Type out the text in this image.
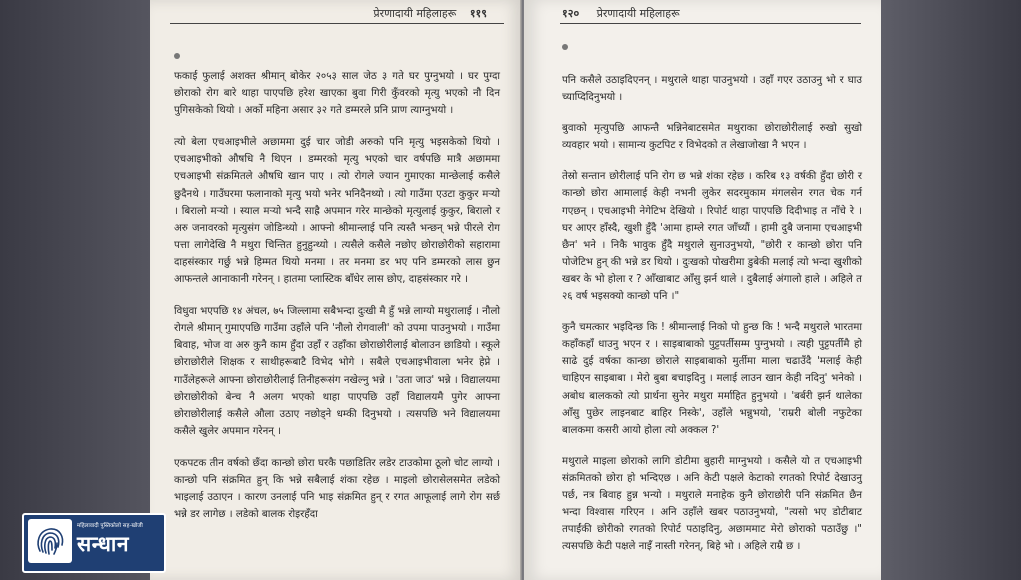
प्रेरणादायी महिलाहरू ११९

फकाई फुलाई अशक्त श्रीमान् बोकेर २०५३ साल जेठ ३ गते घर पुग्नुभयो । घर पुग्दा छोराको रोग बारे थाहा पाएपछि हरेश खाएका बुवा गिरी कुँवरको मृत्यु भएको नौ दिन पुगिसकेको थियो । अर्को महिना असार ३२ गते डम्मरले प्रनि प्राण त्याग्नुभयो ।

त्यो बेला एचआइभीले अछाममा दुई चार जोडी अरुको पनि मृत्यु भइसकेको थियो । एचआइभीको औषधि नै थिएन । डम्मरको मृत्यु भएको चार वर्षपछि मात्रै अछाममा एचआइभी संक्रमितले औषधि खान पाए । त्यो रोगले ज्यान गुमाएका मान्छेलाई कसैले छुदैनथे । गाउँघरमा फलानाको मृत्यु भयो भनेर भनिदैनथ्यो । त्यो गाउँमा एउटा कुकुर मऱ्यो । बिरालो मऱ्यो । स्याल मऱ्यो भन्दै साह्रै अपमान गरेर मान्छेको मृत्युलाई कुकुर, बिरालो र अरु जनावरको मृत्युसंग जोडिन्थ्यो । आफ्नो श्रीमान्लाई पनि त्यस्तै भन्छन् भन्ने पीरले रोग पत्ता लागेदेखि नै मथुरा चिन्तित हुनुहुन्थ्यो । त्यसैले कसैले नछोए छोराछोरीको सहारामा दाहसंस्कार गर्छु भन्ने हिम्मत थियो मनमा । तर मनमा डर भए पनि डम्मरको लास छुन आफन्तले आनाकानी गरेनन् । हातमा प्लास्टिक बाँधेर लास छोए, दाहसंस्कार गरे ।

विधुवा भएपछि १४ अंचल, ७५ जिल्लामा सबैभन्दा दुःखी मै हुँ भन्ने लाग्यो मथुरालाई । नौलो रोगले श्रीमान् गुमाएपछि गाउँमा उहाँले पनि 'नौलो रोगवाली' को उपमा पाउनुभयो । गाउँमा बिवाह, भोज वा अरु कुनै काम हुँदा उहाँ र उहाँका छोराछोरीलाई बोलाउन छाडियो । स्कूले छोराछोरीले शिक्षक र साथीहरूबाटै विभेद भोगे । सबैले एचआइभीवाला भनेर हेप्ने । गाउँलेहरूले आफ्ना छोराछोरीलाई तिनीहरूसंग नखेल्नु भन्ने । 'उता जाउ' भन्ने । विद्यालयमा छोराछोरीको बेन्च नै अलग भएको थाहा पाएपछि उहाँ विद्यालयमै पुगेर आफ्ना छोराछोरीलाई कसैले औला उठाए नछोड्ने धम्की दिनुभयो । त्यसपछि भने विद्यालयमा कसैले खुलेर अपमान गरेनन् ।

एकपटक तीन वर्षको छँदा कान्छो छोरा घरकै पछाडितिर लडेर टाउकोमा ठूलो चोट लाग्यो । कान्छो पनि संक्रमित हुन् कि भन्ने सबैलाई शंका रहेछ । माइलो छोरासेलसमेत लडेको भाइलाई उठाएन । कारण उनलाई पनि भाइ संक्रमित हुन् र रगत आफूलाई लागे रोग सर्छ भन्ने डर लागेछ । लडेको बालक रोइरहँदा

१२० प्रेरणादायी महिलाहरू

पनि कसैले उठाइदिएनन् । मथुराले थाहा पाउनुभयो । उहाँ गएर उठाउनु भो र घाउ च्याप्दिदिनुभयो ।

बुवाको मृत्युपछि आफन्तै भन्निनेबाटसमेत मथुराका छोराछोरीलाई रुखो सुखो व्यवहार भयो । सामान्य कुटपिट र विभेदको त लेखाजोखा नै भएन ।

तेस्रो सन्तान छोरीलाई पनि रोग छ भन्ने शंका रहेछ । करिब १३ वर्षकी हुँदा छोरी र कान्छो छोरा आमालाई केही नभनी लुकेर सदरमुकाम मंगलसेन रगत चेक गर्न गएछन् । एचआइभी नेगेटिभ देखियो । रिपोर्ट थाहा पाएपछि दिदीभाइ त नाँचे रे । घर आएर हाँस्दै, खुशी हुँदै 'आमा हाम्ले रगत जाँच्यौं । हामी दुबै जनामा एचआइभी छैन' भने । निकै भावुक हुँदै मथुराले सुनाउनुभयो, "छोरी र कान्छो छोरा पनि पोजेटिभ हुन् की भन्ने डर थियो । दुःखको पोखरीमा डुबेकी मलाई त्यो भन्दा खुशीको खबर के भो होला र ? आँखाबाट आँसु झर्न थाले । दुबैलाई अंगालो हाले । अहिले त २६ वर्ष भइसक्यो कान्छो पनि ।"

कुनै चमत्कार भइदिन्छ कि ! श्रीमान्लाई निको पो हुन्छ कि ! भन्दै मथुराले भारतमा कहाँकहाँ धाउनु भएन र । साइबाबाको पुट्टपर्तीसम्म पुग्नुभयो । त्यही पुट्टपर्तीमै हो साढे दुई वर्षका कान्छा छोराले साइबाबाको मुर्तीमा माला चढाउँदै 'मलाई केही चाहिएन साइबाबा । मेरो बुबा बचाइदिनु । मलाई लाउन खान केही नदिनु' भनेको । अबोध बालकको त्यो प्रार्थना सुनेर मथुरा मर्माहित हुनुभयो । 'बर्बरी झर्न थालेका आँसु पुछेर लाइनबाट बाहिर निस्के', उहाँले भन्नुभयो, 'राम्ररी बोली नफुटेका बालकमा कसरी आयो होला त्यो अक्कल ?'

मथुराले माइला छोराको लागि डोटीमा बुहारी माग्नुभयो । कसैले यो त एचआइभी संक्रमितको छोरा हो भन्दिएछ । अनि केटी पक्षले केटाको रगतको रिपोर्ट देखाउनु पर्छ, नत्र बिवाह हुन्न भन्यो । मथुराले मनाहेक कुनै छोराछोरी पनि संक्रमित छैन भन्दा विश्वास गरिएन । अनि उहाँले खबर पठाउनुभयो, "त्यसो भए डोटीबाट तपाईंकी छोरीको रगतको रिपोर्ट पठाइदिनु, अछाममाट मेरो छोराको पठाउँछु ।" त्यसपछि केटी पक्षले नाइँ नास्ती गरेनन्, बिहे भो । अहिले राम्रै छ ।

महिलावादी पुस्तिकोलो सह-खोजी
सन्धान
